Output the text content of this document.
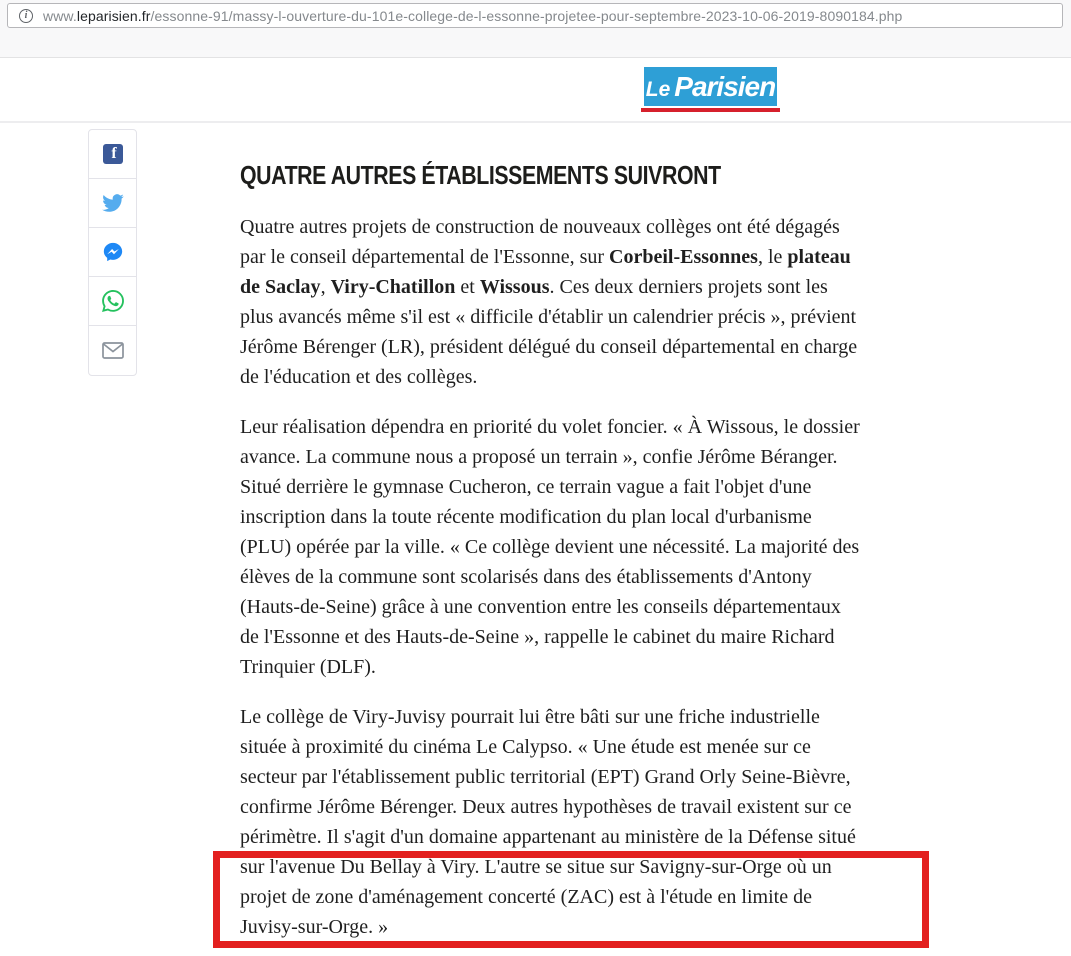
i	www.leparisien.fr/essonne-91/massy-l-ouverture-du-101e-college-de-l-essonne-projetee-pour-septembre-2023-10-06-2019-8090184.php
Le Parisien
f
QUATRE AUTRES ÉTABLISSEMENTS SUIVRONT

Quatre autres projets de construction de nouveaux collèges ont été dégagés par le conseil départemental de l'Essonne, sur Corbeil-Essonnes, le plateau de Saclay, Viry-Chatillon et Wissous. Ces deux derniers projets sont les plus avancés même s'il est « difficile d'établir un calendrier précis », prévient Jérôme Bérenger (LR), président délégué du conseil départemental en charge de l'éducation et des collèges.

Leur réalisation dépendra en priorité du volet foncier. « À Wissous, le dossier avance. La commune nous a proposé un terrain », confie Jérôme Béranger. Situé derrière le gymnase Cucheron, ce terrain vague a fait l'objet d'une inscription dans la toute récente modification du plan local d'urbanisme (PLU) opérée par la ville. « Ce collège devient une nécessité. La majorité des élèves de la commune sont scolarisés dans des établissements d'Antony (Hauts-de-Seine) grâce à une convention entre les conseils départementaux de l'Essonne et des Hauts-de-Seine », rappelle le cabinet du maire Richard Trinquier (DLF).

Le collège de Viry-Juvisy pourrait lui être bâti sur une friche industrielle située à proximité du cinéma Le Calypso. « Une étude est menée sur ce secteur par l'établissement public territorial (EPT) Grand Orly Seine-Bièvre, confirme Jérôme Bérenger. Deux autres hypothèses de travail existent sur ce périmètre. Il s'agit d'un domaine appartenant au ministère de la Défense situé sur l'avenue Du Bellay à Viry. L'autre se situe sur Savigny-sur-Orge où un projet de zone d'aménagement concerté (ZAC) est à l'étude en limite de Juvisy-sur-Orge. »
